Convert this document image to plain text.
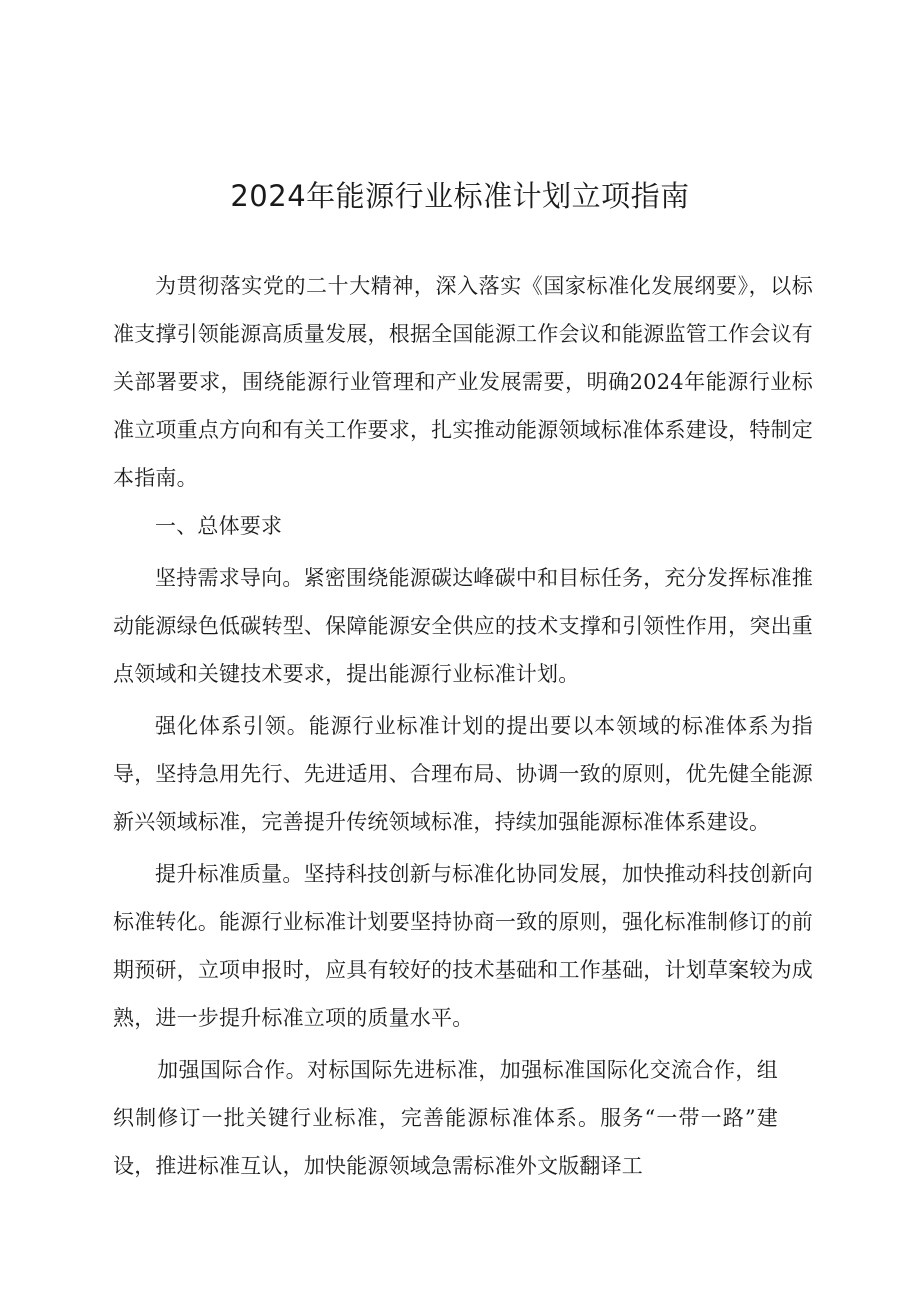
2024年能源行业标准计划立项指南

为贯彻落实党的二十大精神，深入落实《国家标准化发展纲要》，以标准支撑引领能源高质量发展，根据全国能源工作会议和能源监管工作会议有关部署要求，围绕能源行业管理和产业发展需要，明确2024年能源行业标准立项重点方向和有关工作要求，扎实推动能源领域标准体系建设，特制定本指南。

一、总体要求

坚持需求导向。紧密围绕能源碳达峰碳中和目标任务，充分发挥标准推动能源绿色低碳转型、保障能源安全供应的技术支撑和引领性作用，突出重点领域和关键技术要求，提出能源行业标准计划。

强化体系引领。能源行业标准计划的提出要以本领域的标准体系为指导，坚持急用先行、先进适用、合理布局、协调一致的原则，优先健全能源新兴领域标准，完善提升传统领域标准，持续加强能源标准体系建设。

提升标准质量。坚持科技创新与标准化协同发展，加快推动科技创新向标准转化。能源行业标准计划要坚持协商一致的原则，强化标准制修订的前期预研，立项申报时，应具有较好的技术基础和工作基础，计划草案较为成熟，进一步提升标准立项的质量水平。

加强国际合作。对标国际先进标准，加强标准国际化交流合作，组织制修订一批关键行业标准，完善能源标准体系。服务“一带一路”建设，推进标准互认，加快能源领域急需标准外文版翻译工
